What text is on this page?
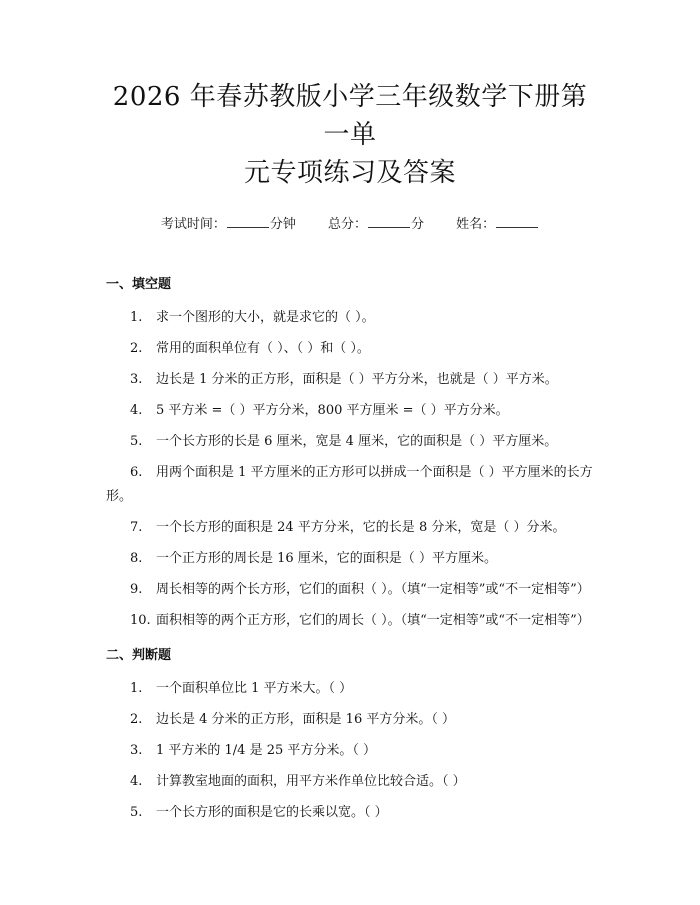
2026 年春苏教版小学三年级数学下册第一单
元专项练习及答案
考试时间：	分钟 总分：	分 姓名：
一、填空题
1. 求一个图形的大小，就是求它的（ ）。
2. 常用的面积单位有（ ）、（ ）和（ ）。
3. 边长是 1 分米的正方形，面积是（ ）平方分米，也就是（ ）平方米。
4. 5 平方米 =（ ）平方分米，800 平方厘米 =（ ）平方分米。
5. 一个长方形的长是 6 厘米，宽是 4 厘米，它的面积是（ ）平方厘米。
6. 用两个面积是 1 平方厘米的正方形可以拼成一个面积是（ ）平方厘米的长方形。
7. 一个长方形的面积是 24 平方分米，它的长是 8 分米，宽是（ ）分米。
8. 一个正方形的周长是 16 厘米，它的面积是（ ）平方厘米。
9. 周长相等的两个长方形，它们的面积（ ）。（填“一定相等”或“不一定相等”）
10. 面积相等的两个正方形，它们的周长（ ）。（填“一定相等”或“不一定相等”）
二、判断题
1. 一个面积单位比 1 平方米大。（ ）
2. 边长是 4 分米的正方形，面积是 16 平方分米。（ ）
3. 1 平方米的 1/4 是 25 平方分米。（ ）
4. 计算教室地面的面积，用平方米作单位比较合适。（ ）
5. 一个长方形的面积是它的长乘以宽。（ ）
